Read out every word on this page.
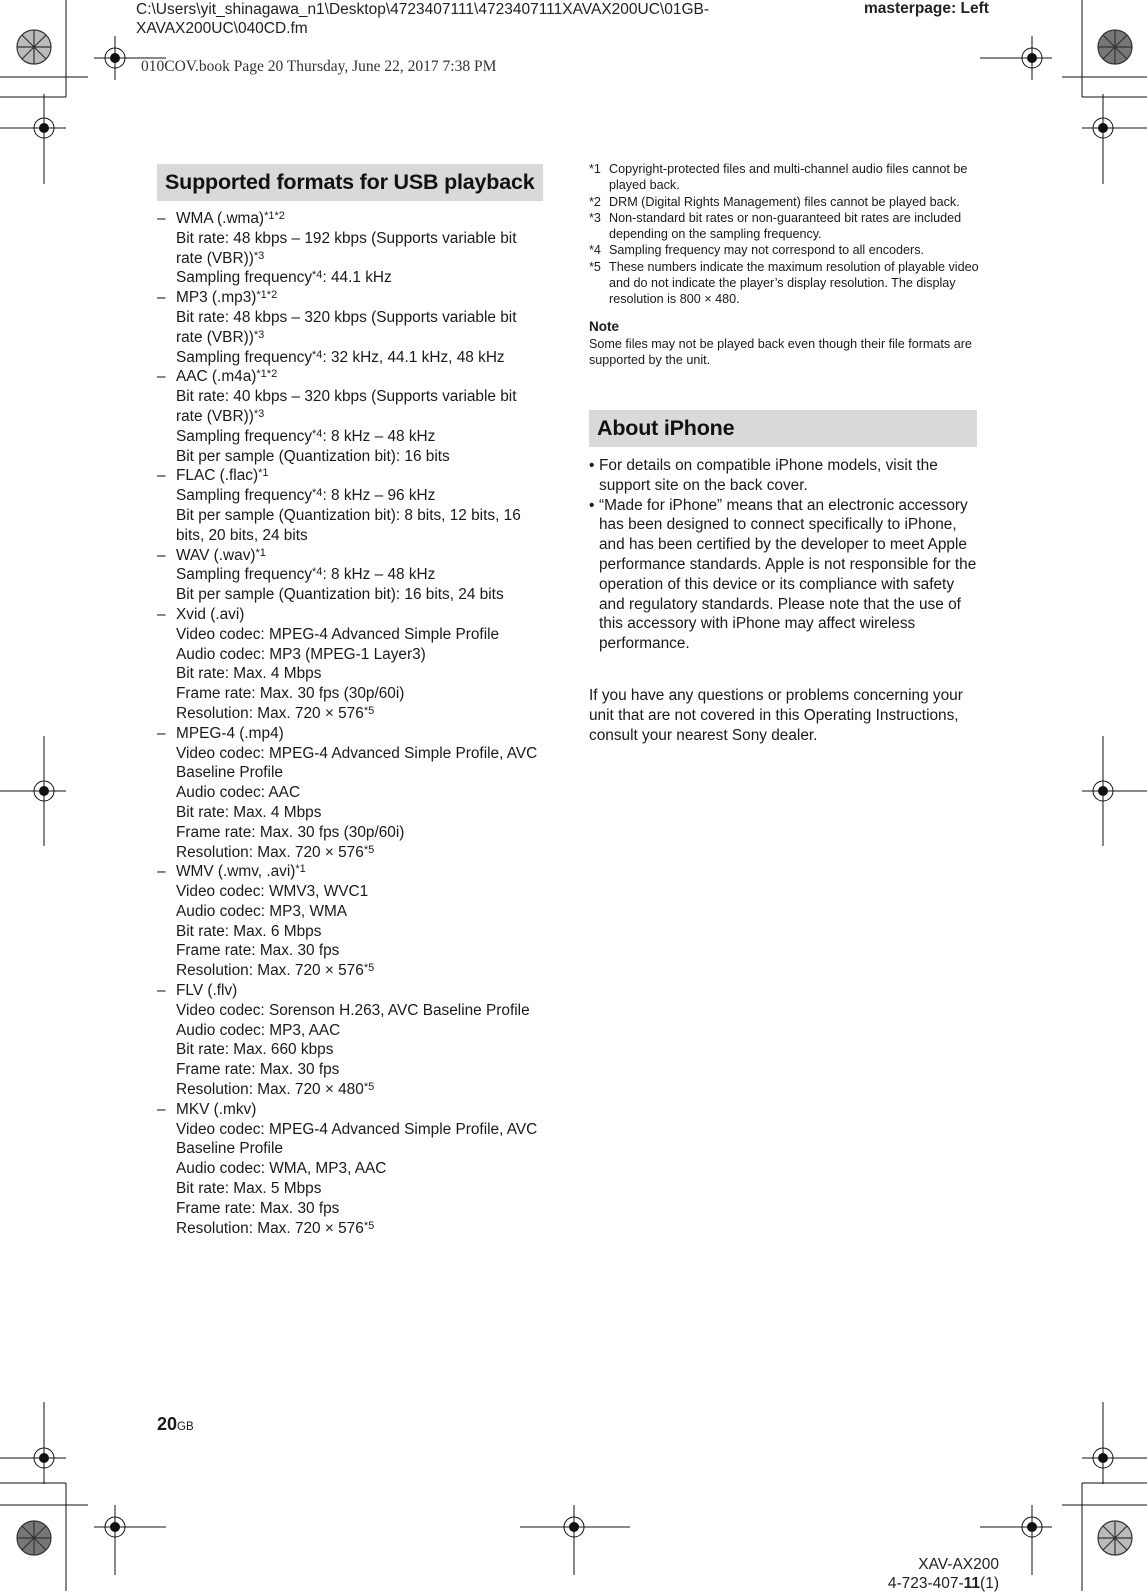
C:\Users\yit_shinagawa_n1\Desktop\4723407111\4723407111XAVAX200UC\01GB-
XAVAX200UC\040CD.fm
masterpage: Left
010COV.book Page 20 Thursday, June 22, 2017 7:38 PM
Supported formats for USB playback
– WMA $(.wma)^{*1*2}$
Bit rate: 48 kbps – 192 kbps (Supports variable bit rate (VBR))$^{*3}$
Sampling frequency$^{*4}$: 44.1 kHz
– MP3 $(.mp3)^{*1*2}$
Bit rate: 48 kbps – 320 kbps (Supports variable bit rate (VBR))$^{*3}$
Sampling frequency$^{*4}$: 32 kHz, 44.1 kHz, 48 kHz
– AAC $(.m4a)^{*1*2}$
Bit rate: 40 kbps – 320 kbps (Supports variable bit rate (VBR))$^{*3}$
Sampling frequency$^{*4}$: 8 kHz – 48 kHz
Bit per sample (Quantization bit): 16 bits
– FLAC (.flac)$^{*1}$
Sampling frequency$^{*4}$: 8 kHz – 96 kHz
Bit per sample (Quantization bit): 8 bits, 12 bits, 16 bits, 20 bits, 24 bits
– WAV $(.wav)^{*1}$
Sampling frequency$^{*4}$: 8 kHz – 48 kHz
Bit per sample (Quantization bit): 16 bits, 24 bits
– Xvid (.avi)
Video codec: MPEG-4 Advanced Simple Profile
Audio codec: MP3 (MPEG-1 Layer3)
Bit rate: Max. 4 Mbps
Frame rate: Max. 30 fps (30p/60i)
Resolution: Max. $720 \times 576^{*5}$
– MPEG-4 (.mp4)
Video codec: MPEG-4 Advanced Simple Profile, AVC Baseline Profile
Audio codec: AAC
Bit rate: Max. 4 Mbps
Frame rate: Max. 30 fps (30p/60i)
Resolution: Max. $720 \times 576^{*5}$
– WMV (.wmv, .avi)$^{*1}$
Video codec: WMV3, WVC1
Audio codec: MP3, WMA
Bit rate: Max. 6 Mbps
Frame rate: Max. 30 fps
Resolution: Max. $720 \times 576^{*5}$
– FLV (.flv)
Video codec: Sorenson H.263, AVC Baseline Profile
Audio codec: MP3, AAC
Bit rate: Max. 660 kbps
Frame rate: Max. 30 fps
Resolution: Max. $720 \times 480^{*5}$
– MKV (.mkv)
Video codec: MPEG-4 Advanced Simple Profile, AVC Baseline Profile
Audio codec: WMA, MP3, AAC
Bit rate: Max. 5 Mbps
Frame rate: Max. 30 fps
Resolution: Max. $720 \times 576^{*5}$
*1 Copyright-protected files and multi-channel audio files cannot be played back.
*2 DRM (Digital Rights Management) files cannot be played back.
*3 Non-standard bit rates or non-guaranteed bit rates are included depending on the sampling frequency.
*4 Sampling frequency may not correspond to all encoders.
*5 These numbers indicate the maximum resolution of playable video and do not indicate the player’s display resolution. The display resolution is 800 × 480.
Note
Some files may not be played back even though their file formats are supported by the unit.
About iPhone
• For details on compatible iPhone models, visit the support site on the back cover.
• “Made for iPhone” means that an electronic accessory has been designed to connect specifically to iPhone, and has been certified by the developer to meet Apple performance standards. Apple is not responsible for the operation of this device or its compliance with safety and regulatory standards. Please note that the use of this accessory with iPhone may affect wireless performance.
If you have any questions or problems concerning your unit that are not covered in this Operating Instructions, consult your nearest Sony dealer.
20GB
XAV-AX200
4-723-407-11(1)
